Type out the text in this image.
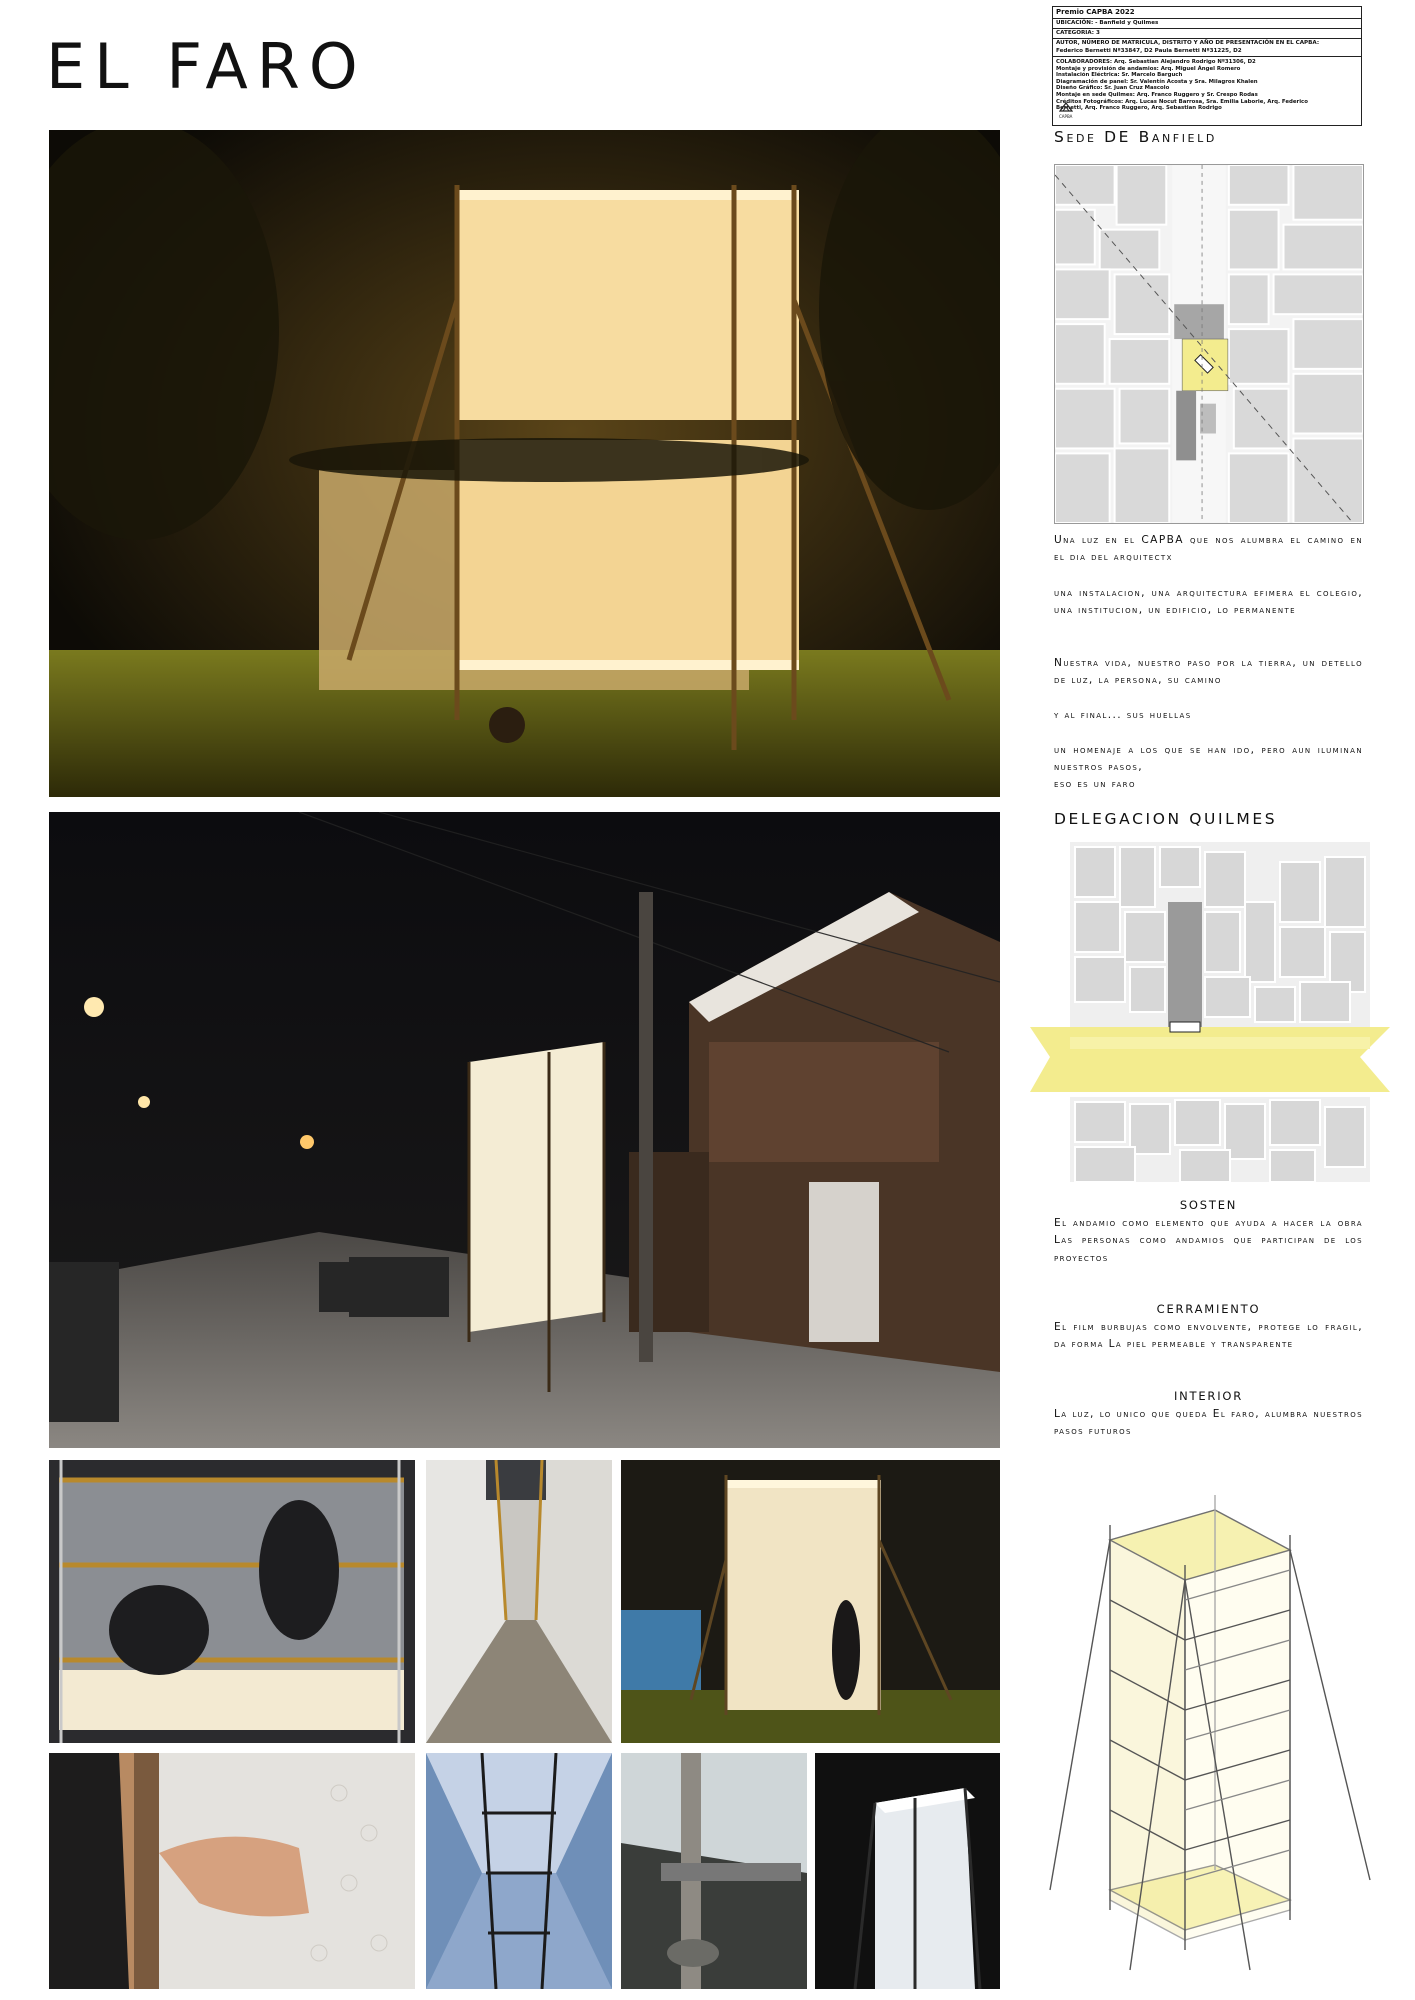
EL FARO
Premio CAPBA 2022
UBICACIÓN: - Banfield y Quilmes
CATEGORIA: 3
AUTOR, NÚMERO DE MATRICULA, DISTRITO Y AÑO DE PRESENTACIÓN EN EL CAPBA:
Federico Bernetti Nº33847, D2 Paula Bernetti Nº31225, D2
COLABORADORES: Arq. Sebastian Alejandro Rodrigo Nº31306, D2
Montaje y provisión de andamios: Arq. Miguel Ángel Romero
Instalación Eléctrica: Sr. Marcelo Barguch
Diagramación de panel: Sr. Valentín Acosta y Sra. Milagros Khalen
Diseño Gráfico: Sr. Juan Cruz Mascolo
Montaje en sede Quilmes: Arq. Franco Ruggero y Sr. Crespo Rodas
Créditos Fotográficos: Arq. Lucas Nocut Barrosa, Sra. Emilia Laborie, Arq. Federico
Bernetti, Arq. Franco Ruggero, Arq. Sebastian Rodrigo
CAPBA
Sede DE Banfield
Una luz en el CAPBA que nos alumbra el camino en el dia del arquitectx
una instalacion, una arquitectura efimera el colegio, una institucion, un edificio, lo permanente
Nuestra vida, nuestro paso por la tierra, un detello de luz, la persona, su camino
y al final... sus huellas
un homenaje a los que se han ido, pero aun iluminan nuestros pasos,
eso es un faro
DELEGACION QUILMES
SOSTEN
El andamio como elemento que ayuda a hacer la obra Las personas como andamios que participan de los proyectos
CERRAMIENTO
El film burbujas como envolvente, protege lo fragil, da forma La piel permeable y transparente
INTERIOR
La luz, lo unico que queda El faro, alumbra nuestros pasos futuros
